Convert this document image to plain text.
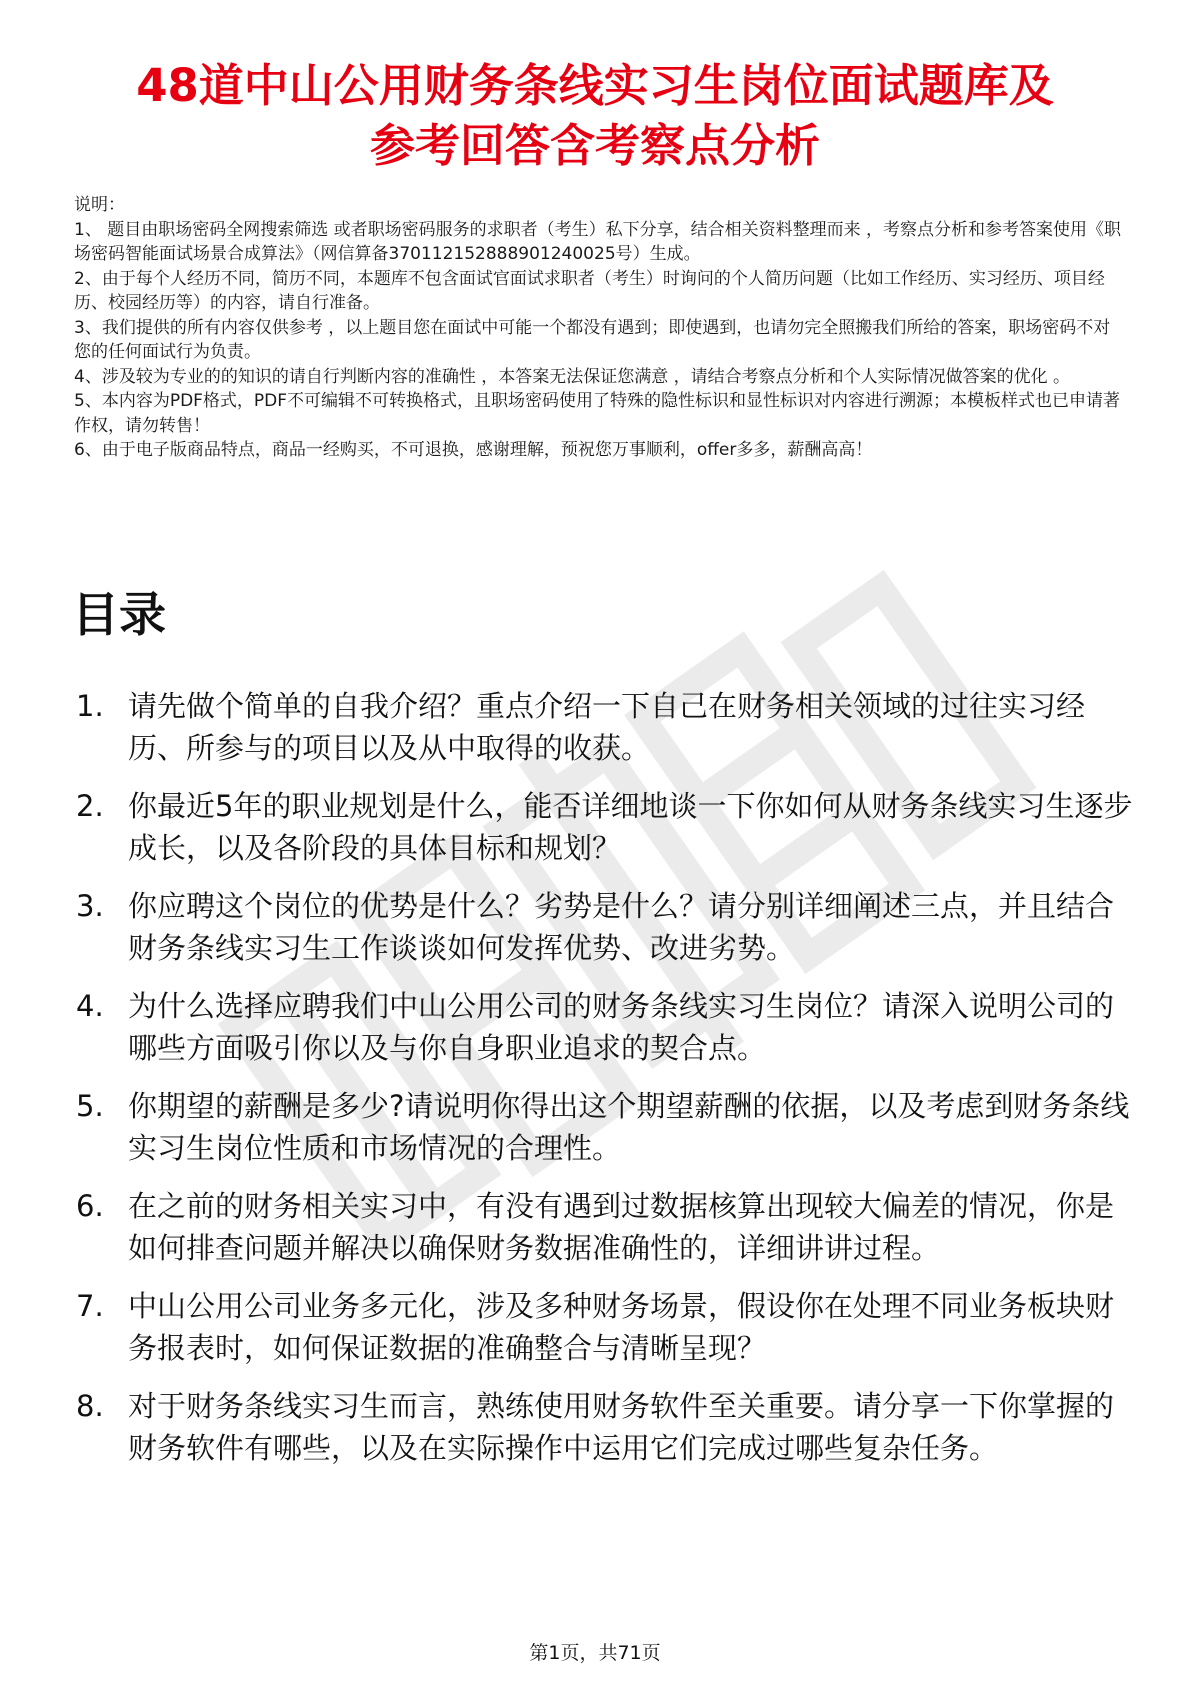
48道中山公用财务条线实习生岗位面试题库及
参考回答含考察点分析

说明：

1、 题目由职场密码全网搜索筛选 或者职场密码服务的求职者（考生）私下分享，结合相关资料整理而来 ，考察点分析和参考答案使用《职场密码智能面试场景合成算法》（网信算备370112152888901240025号）生成。

2、由于每个人经历不同，简历不同，本题库不包含面试官面试求职者（考生）时询问的个人简历问题（比如工作经历、实习经历、项目经历、校园经历等）的内容，请自行准备。

3、我们提供的所有内容仅供参考 ，以上题目您在面试中可能一个都没有遇到；即使遇到，也请勿完全照搬我们所给的答案，职场密码不对您的任何面试行为负责。

4、涉及较为专业的的知识的请自行判断内容的准确性 ，本答案无法保证您满意 ，请结合考察点分析和个人实际情况做答案的优化 。

5、本内容为PDF格式，PDF不可编辑不可转换格式，且职场密码使用了特殊的隐性标识和显性标识对内容进行溯源；本模板样式也已申请著作权，请勿转售！

6、由于电子版商品特点，商品一经购买，不可退换，感谢理解，预祝您万事顺利，offer多多，薪酬高高！

目录
1. 请先做个简单的自我介绍？重点介绍一下自己在财务相关领域的过往实习经历、所参与的项目以及从中取得的收获。
2. 你最近5年的职业规划是什么，能否详细地谈一下你如何从财务条线实习生逐步成长，以及各阶段的具体目标和规划？
3. 你应聘这个岗位的优势是什么？劣势是什么？请分别详细阐述三点，并且结合财务条线实习生工作谈谈如何发挥优势、改进劣势。
4. 为什么选择应聘我们中山公用公司的财务条线实习生岗位？请深入说明公司的哪些方面吸引你以及与你自身职业追求的契合点。
5. 你期望的薪酬是多少?请说明你得出这个期望薪酬的依据，以及考虑到财务条线实习生岗位性质和市场情况的合理性。
6. 在之前的财务相关实习中，有没有遇到过数据核算出现较大偏差的情况，你是如何排查问题并解决以确保财务数据准确性的，详细讲讲过程。
7. 中山公用公司业务多元化，涉及多种财务场景，假设你在处理不同业务板块财务报表时，如何保证数据的准确整合与清晰呈现？
8. 对于财务条线实习生而言，熟练使用财务软件至关重要。请分享一下你掌握的财务软件有哪些，以及在实际操作中运用它们完成过哪些复杂任务。
第1页，共71页
